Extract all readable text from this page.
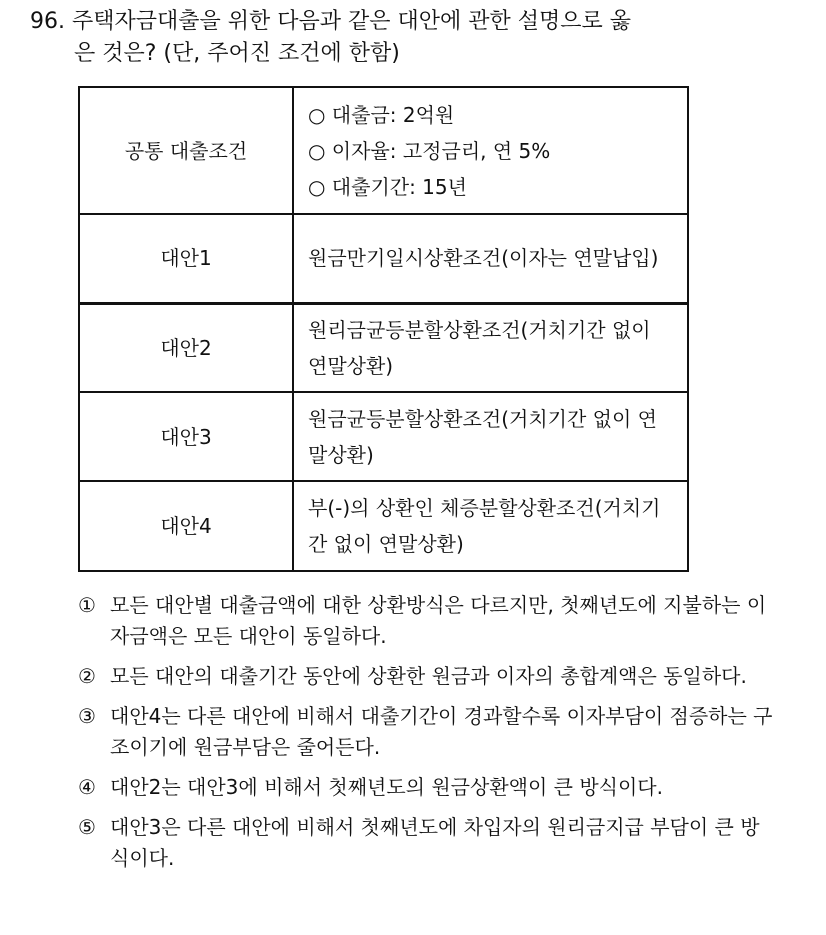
96. 주택자금대출을 위한 다음과 같은 대안에 관한 설명으로 옳
은 것은? (단, 주어진 조건에 한함)
공통 대출조건	○ 대출금: 2억원
○ 이자율: 고정금리, 연 5%
○ 대출기간: 15년

대안1	원금만기일시상환조건(이자는 연말납입)
대안2	원리금균등분할상환조건(거치기간 없이 연말상환)
대안3	원금균등분할상환조건(거치기간 없이 연말상환)
대안4	부(-)의 상환인 체증분할상환조건(거치기간 없이 연말상환)
① 모든 대안별 대출금액에 대한 상환방식은 다르지만, 첫째년도에 지불하는 이자금액은 모든 대안이 동일하다.
② 모든 대안의 대출기간 동안에 상환한 원금과 이자의 총합계액은 동일하다.
③ 대안4는 다른 대안에 비해서 대출기간이 경과할수록 이자부담이 점증하는 구조이기에 원금부담은 줄어든다.
④ 대안2는 대안3에 비해서 첫째년도의 원금상환액이 큰 방식이다.
⑤ 대안3은 다른 대안에 비해서 첫째년도에 차입자의 원리금지급 부담이 큰 방식이다.
